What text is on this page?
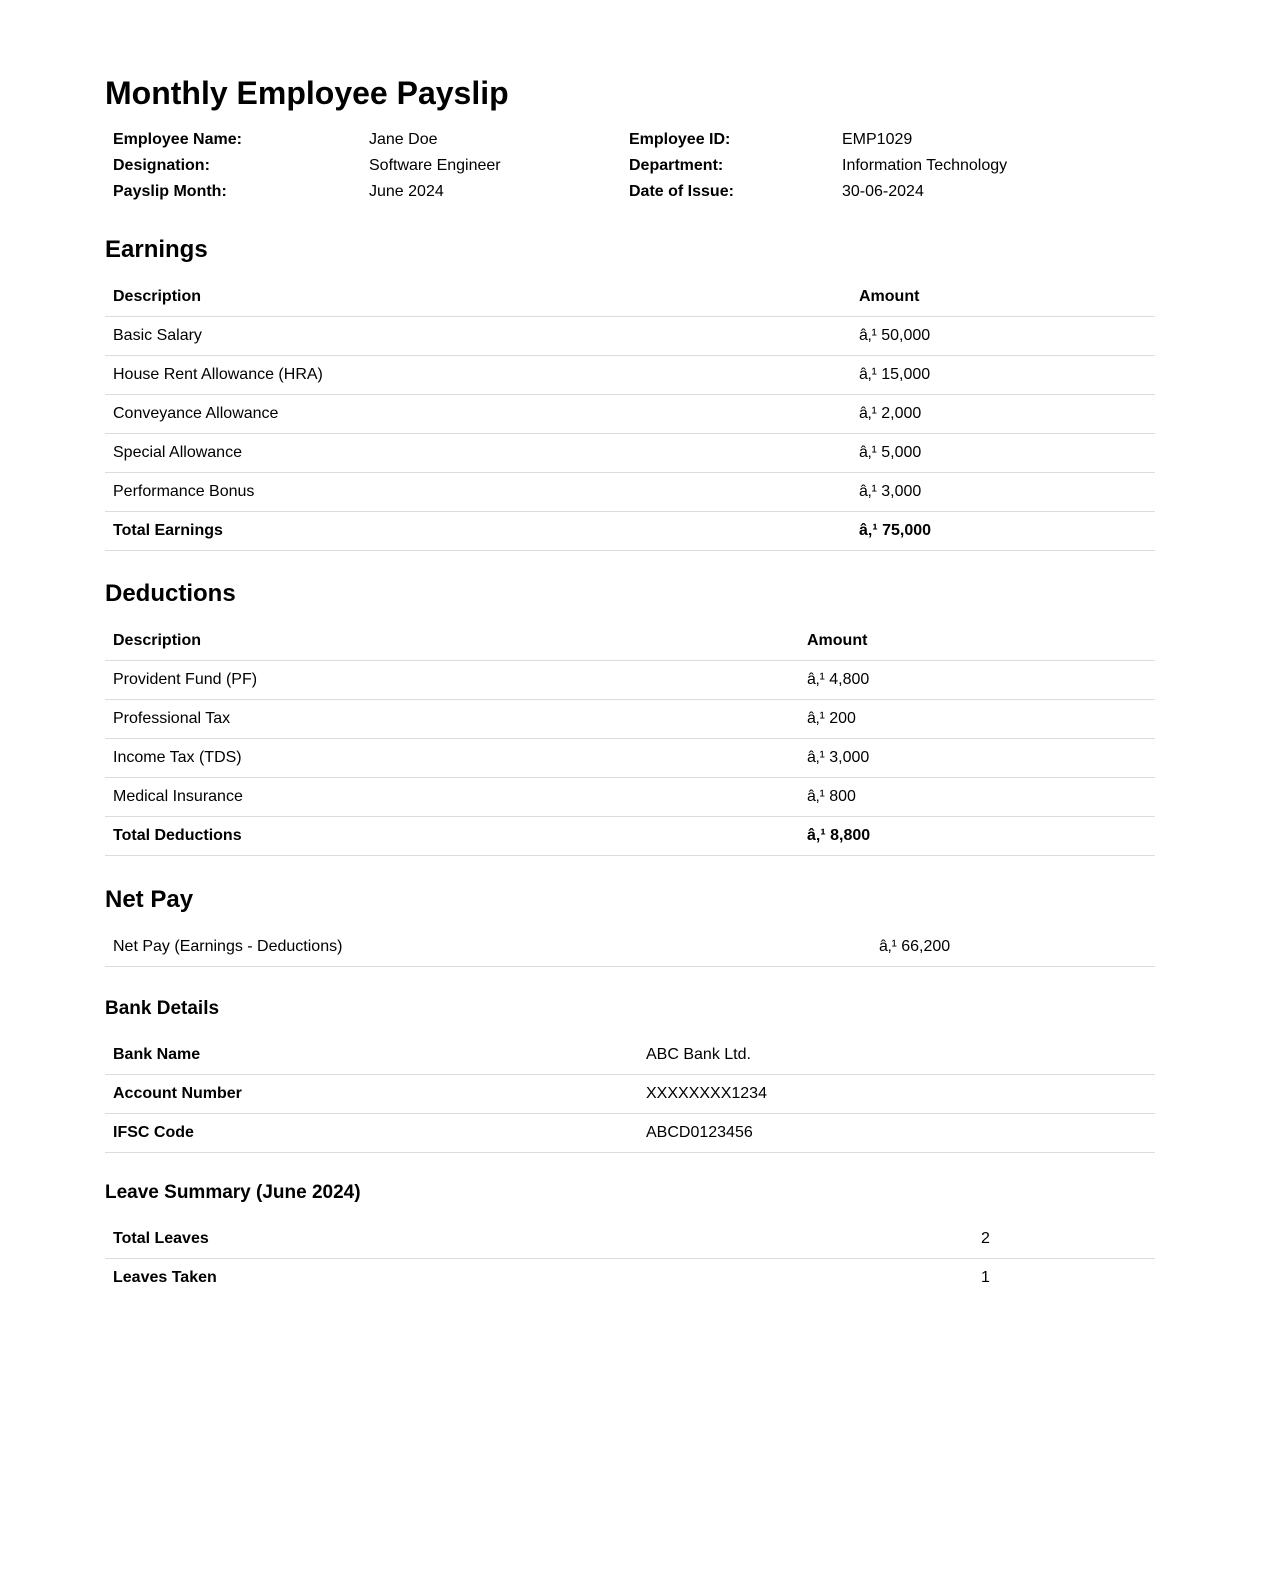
Monthly Employee Payslip
Employee Name:	Jane Doe	Employee ID:	EMP1029
Designation:	Software Engineer	Department:	Information Technology
Payslip Month:	June 2024	Date of Issue:	30-06-2024
Earnings
Description	Amount
Basic Salary	â‚¹ 50,000
House Rent Allowance (HRA)	â‚¹ 15,000
Conveyance Allowance	â‚¹ 2,000
Special Allowance	â‚¹ 5,000
Performance Bonus	â‚¹ 3,000
Total Earnings	â‚¹ 75,000
Deductions
Description	Amount
Provident Fund (PF)	â‚¹ 4,800
Professional Tax	â‚¹ 200
Income Tax (TDS)	â‚¹ 3,000
Medical Insurance	â‚¹ 800
Total Deductions	â‚¹ 8,800
Net Pay
Net Pay (Earnings - Deductions)	â‚¹ 66,200
Bank Details
Bank Name	ABC Bank Ltd.
Account Number	XXXXXXXX1234
IFSC Code	ABCD0123456
Leave Summary (June 2024)
Total Leaves	2
Leaves Taken	1
